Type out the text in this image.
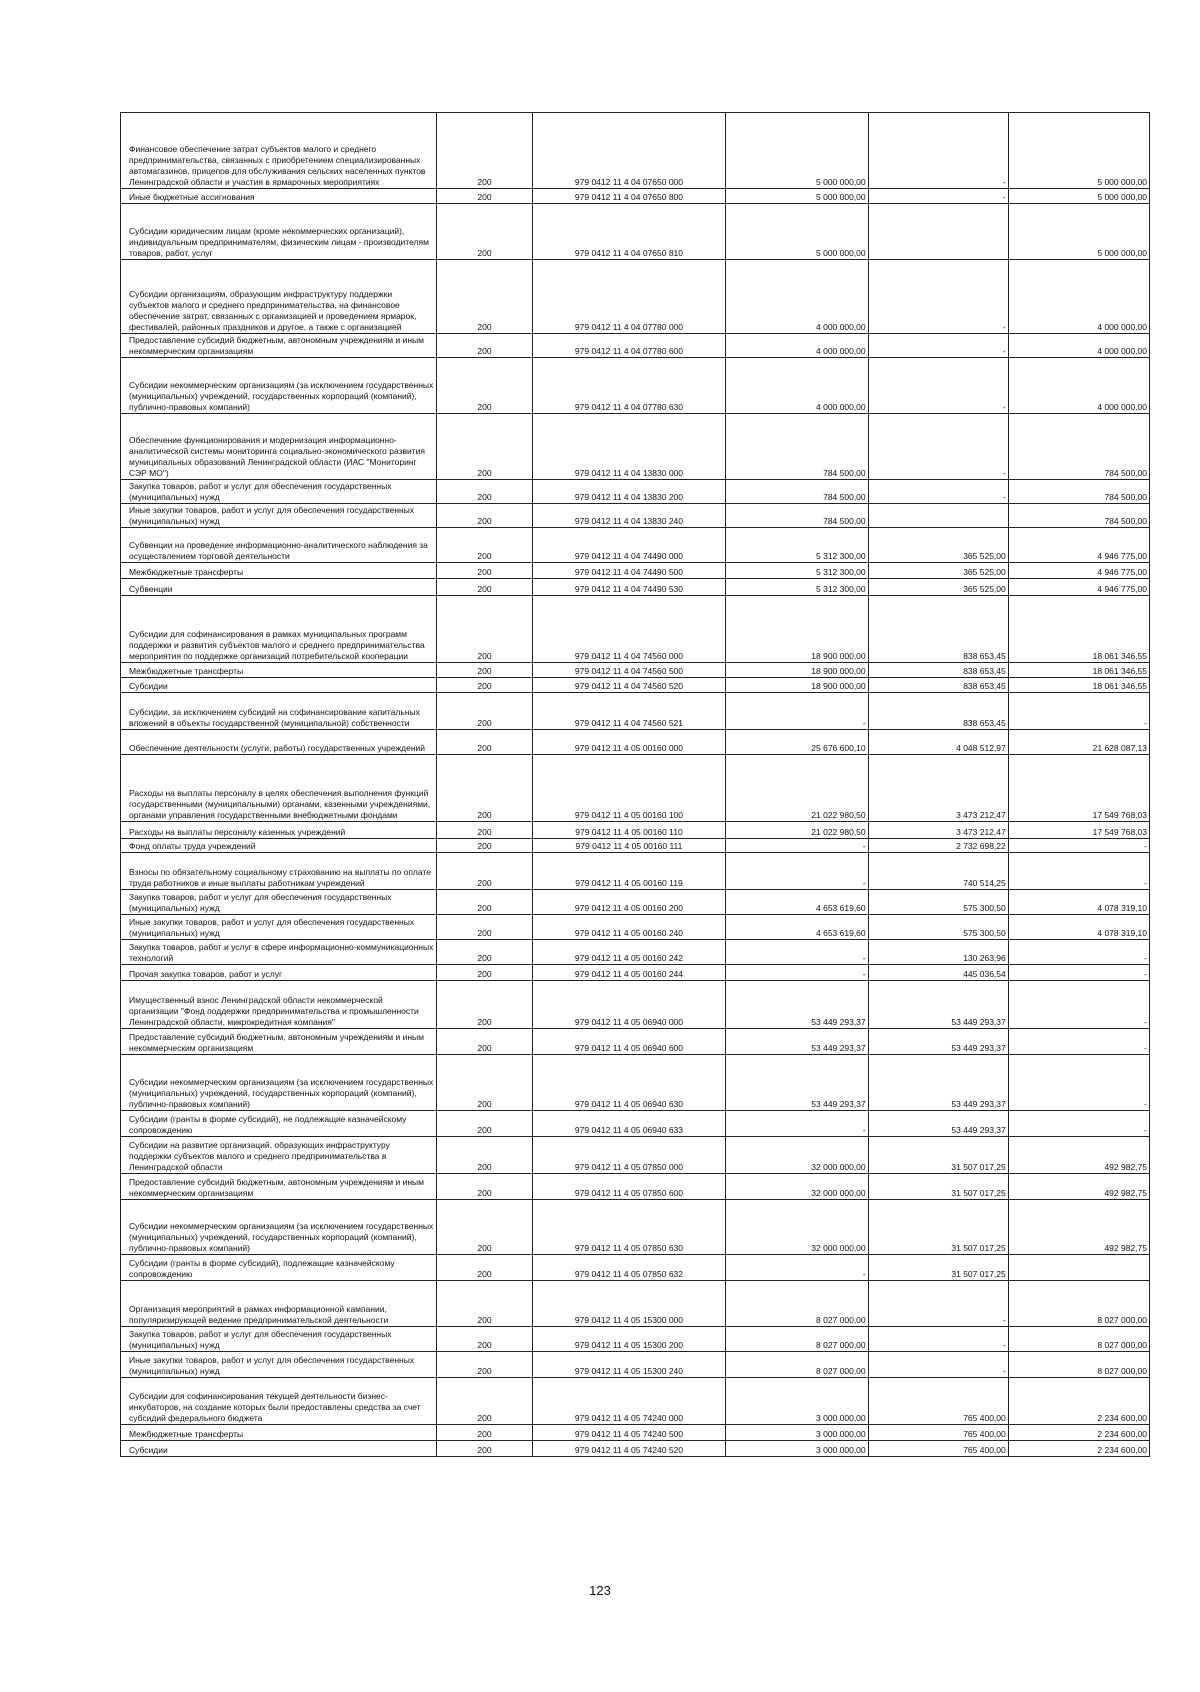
Финансовое обеспечение затрат субъектов малого и среднего предпринимательства, связанных с приобретением специализированных автомагазинов, прицепов для обслуживания сельских населенных пунктов Ленинградской области и участия в ярмарочных мероприятиях	200	979 0412 11 4 04 07650 000	5 000 000,00	-	5 000 000,00
Иные бюджетные ассигнования	200	979 0412 11 4 04 07650 800	5 000 000,00	-	5 000 000,00
Субсидии юридическим лицам (кроме некоммерческих организаций), индивидуальным предпринимателям, физическим лицам - производителям товаров, работ, услуг	200	979 0412 11 4 04 07650 810	5 000 000,00		5 000 000,00
Субсидии организациям, образующим инфраструктуру поддержки субъектов малого и среднего предпринимательства, на финансовое обеспечение затрат, связанных с организацией и проведением ярмарок, фестивалей, районных праздников и другое, а также с организацией	200	979 0412 11 4 04 07780 000	4 000 000,00	-	4 000 000,00
Предоставление субсидий бюджетным, автономным учреждениям и иным некоммерческим организациям	200	979 0412 11 4 04 07780 600	4 000 000,00	-	4 000 000,00
Субсидии некоммерческим организациям (за исключением государственных (муниципальных) учреждений, государственных корпораций (компаний), публично-правовых компаний)	200	979 0412 11 4 04 07780 630	4 000 000,00	-	4 000 000,00
Обеспечение функционирования и модернизация информационно-аналитической системы мониторинга социально-экономического развития муниципальных образований Ленинградской области (ИАС "Мониторинг СЭР МО")	200	979 0412 11 4 04 13830 000	784 500,00	-	784 500,00
Закупка товаров, работ и услуг для обеспечения государственных (муниципальных) нужд	200	979 0412 11 4 04 13830 200	784 500,00	-	784 500,00
Иные закупки товаров, работ и услуг для обеспечения государственных (муниципальных) нужд	200	979 0412 11 4 04 13830 240	784 500,00		784 500,00
Субвенции на проведение информационно-аналитического наблюдения за осуществлением торговой деятельности	200	979 0412 11 4 04 74490 000	5 312 300,00	365 525,00	4 946 775,00
Межбюджетные трансферты	200	979 0412 11 4 04 74490 500	5 312 300,00	365 525,00	4 946 775,00
Субвенции	200	979 0412 11 4 04 74490 530	5 312 300,00	365 525,00	4 946 775,00
Субсидии для софинансирования в рамках муниципальных программ поддержки и развития субъектов малого и среднего предпринимательства мероприятия по поддержке организаций потребительской кооперации	200	979 0412 11 4 04 74560 000	18 900 000,00	838 653,45	18 061 346,55
Межбюджетные трансферты	200	979 0412 11 4 04 74560 500	18 900 000,00	838 653,45	18 061 346,55
Субсидии	200	979 0412 11 4 04 74560 520	18 900 000,00	838 653,45	18 061 346,55
Субсидии, за исключением субсидий на софинансирование капитальных вложений в объекты государственной (муниципальной) собственности	200	979 0412 11 4 04 74560 521	-	838 653,45	-
Обеспечение деятельности (услуги, работы) государственных учреждений	200	979 0412 11 4 05 00160 000	25 676 600,10	4 048 512,97	21 628 087,13
Расходы на выплаты персоналу в целях обеспечения выполнения функций государственными (муниципальными) органами, казенными учреждениями, органами управления государственными внебюджетными фондами	200	979 0412 11 4 05 00160 100	21 022 980,50	3 473 212,47	17 549 768,03
Расходы на выплаты персоналу казенных учреждений	200	979 0412 11 4 05 00160 110	21 022 980,50	3 473 212,47	17 549 768,03
Фонд оплаты труда учреждений	200	979 0412 11 4 05 00160 111	-	2 732 698,22	-
Взносы по обязательному социальному страхованию на выплаты по оплате труда работников и иные выплаты работникам учреждений	200	979 0412 11 4 05 00160 119	-	740 514,25	-
Закупка товаров, работ и услуг для обеспечения государственных (муниципальных) нужд	200	979 0412 11 4 05 00160 200	4 653 619,60	575 300,50	4 078 319,10
Иные закупки товаров, работ и услуг для обеспечения государственных (муниципальных) нужд	200	979 0412 11 4 05 00160 240	4 653 619,60	575 300,50	4 078 319,10
Закупка товаров, работ и услуг в сфере информационно-коммуникационных технологий	200	979 0412 11 4 05 00160 242	-	130 263,96	-
Прочая закупка товаров, работ и услуг	200	979 0412 11 4 05 00160 244	-	445 036,54	-
Имущественный взнос Ленинградской области некоммерческой организации "Фонд поддержки предпринимательства и промышленности Ленинградской области, микрокредитная компания"	200	979 0412 11 4 05 06940 000	53 449 293,37	53 449 293,37	-
Предоставление субсидий бюджетным, автономным учреждениям и иным некоммерческим организациям	200	979 0412 11 4 05 06940 600	53 449 293,37	53 449 293,37	-
Субсидии некоммерческим организациям (за исключением государственных (муниципальных) учреждений, государственных корпораций (компаний), публично-правовых компаний)	200	979 0412 11 4 05 06940 630	53 449 293,37	53 449 293,37	-
Субсидии (гранты в форме субсидий), не подлежащие казначейскому сопровождению	200	979 0412 11 4 05 06940 633	-	53 449 293,37	-
Субсидии на развитие организаций, образующих инфраструктуру поддержки субъектов малого и среднего предпринимательства в Ленинградской области	200	979 0412 11 4 05 07850 000	32 000 000,00	31 507 017,25	492 982,75
Предоставление субсидий бюджетным, автономным учреждениям и иным некоммерческим организациям	200	979 0412 11 4 05 07850 600	32 000 000,00	31 507 017,25	492 982,75
Субсидии некоммерческим организациям (за исключением государственных (муниципальных) учреждений, государственных корпораций (компаний), публично-правовых компаний)	200	979 0412 11 4 05 07850 630	32 000 000,00	31 507 017,25	492 982,75
Субсидии (гранты в форме субсидий), подлежащие казначейскому сопровождению	200	979 0412 11 4 05 07850 632	-	31 507 017,25	
Организация мероприятий в рамках информационной кампании, популяризирующей ведение предпринимательской деятельности	200	979 0412 11 4 05 15300 000	8 027 000,00	-	8 027 000,00
Закупка товаров, работ и услуг для обеспечения государственных (муниципальных) нужд	200	979 0412 11 4 05 15300 200	8 027 000,00	-	8 027 000,00
Иные закупки товаров, работ и услуг для обеспечения государственных (муниципальных) нужд	200	979 0412 11 4 05 15300 240	8 027 000,00	-	8 027 000,00
Субсидии для софинансирования текущей деятельности бизнес-инкубаторов, на создание которых были предоставлены средства за счет субсидий федерального бюджета	200	979 0412 11 4 05 74240 000	3 000 000,00	765 400,00	2 234 600,00
Межбюджетные трансферты	200	979 0412 11 4 05 74240 500	3 000 000,00	765 400,00	2 234 600,00
Субсидии	200	979 0412 11 4 05 74240 520	3 000 000,00	765 400,00	2 234 600,00
123
